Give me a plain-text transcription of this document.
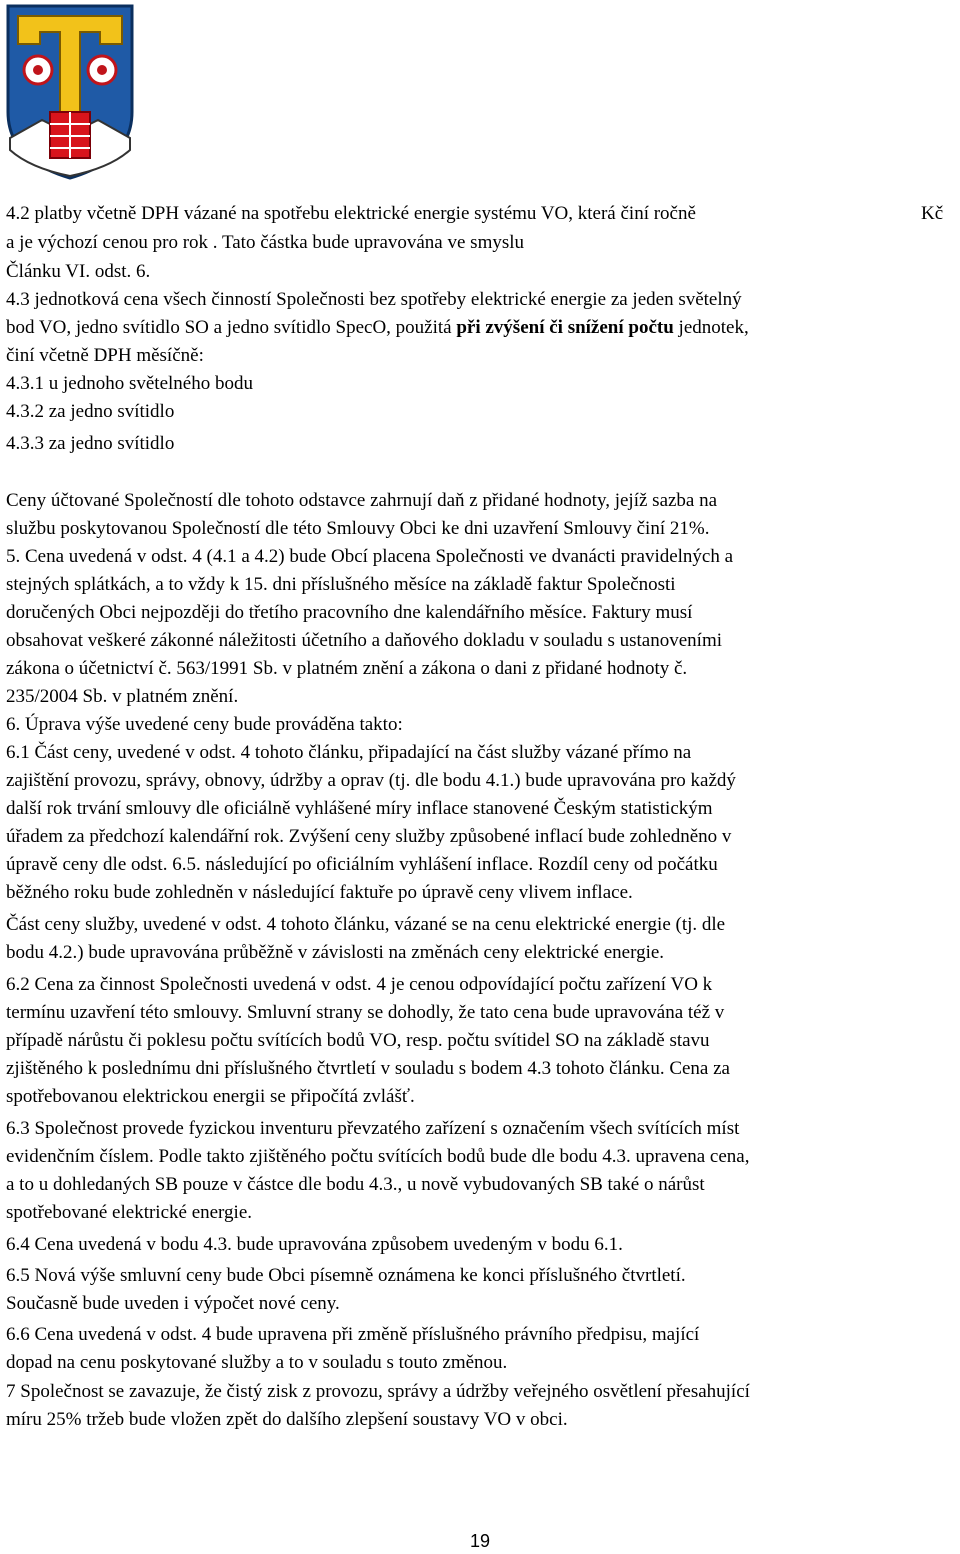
4.2 platby včetně DPH vázané na spotřebu elektrické energie systému VO, která činí ročně	Kč

a je výchozí cenou pro rok . Tato částka bude upravována ve smyslu

Článku VI. odst. 6.

4.3 jednotková cena všech činností Společnosti bez spotřeby elektrické energie za jeden světelný

bod VO, jedno svítidlo SO a jedno svítidlo SpecO, použitá při zvýšení či snížení počtu jednotek,

činí včetně DPH měsíčně:

4.3.1 u jednoho světelného bodu

4.3.2 za jedno svítidlo

4.3.3 za jedno svítidlo

Ceny účtované Společností dle tohoto odstavce zahrnují daň z přidané hodnoty, jejíž sazba na

službu poskytovanou Společností dle této Smlouvy Obci ke dni uzavření Smlouvy činí 21%.

5. Cena uvedená v odst. 4 (4.1 a 4.2) bude Obcí placena Společnosti ve dvanácti pravidelných a

stejných splátkách, a to vždy k 15. dni příslušného měsíce na základě faktur Společnosti

doručených Obci nejpozději do třetího pracovního dne kalendářního měsíce. Faktury musí

obsahovat veškeré zákonné náležitosti účetního a daňového dokladu v souladu s ustanoveními

zákona o účetnictví č. 563/1991 Sb. v platném znění a zákona o dani z přidané hodnoty č.

235/2004 Sb. v platném znění.

6. Úprava výše uvedené ceny bude prováděna takto:

6.1 Část ceny, uvedené v odst. 4 tohoto článku, připadající na část služby vázané přímo na

zajištění provozu, správy, obnovy, údržby a oprav (tj. dle bodu 4.1.) bude upravována pro každý

další rok trvání smlouvy dle oficiálně vyhlášené míry inflace stanovené Českým statistickým

úřadem za předchozí kalendářní rok. Zvýšení ceny služby způsobené inflací bude zohledněno v

úpravě ceny dle odst. 6.5. následující po oficiálním vyhlášení inflace. Rozdíl ceny od počátku

běžného roku bude zohledněn v následující faktuře po úpravě ceny vlivem inflace.

Část ceny služby, uvedené v odst. 4 tohoto článku, vázané se na cenu elektrické energie (tj. dle

bodu 4.2.) bude upravována průběžně v závislosti na změnách ceny elektrické energie.

6.2 Cena za činnost Společnosti uvedená v odst. 4 je cenou odpovídající počtu zařízení VO k

termínu uzavření této smlouvy. Smluvní strany se dohodly, že tato cena bude upravována též v

případě nárůstu či poklesu počtu svítících bodů VO, resp. počtu svítidel SO na základě stavu

zjištěného k poslednímu dni příslušného čtvrtletí v souladu s bodem 4.3 tohoto článku. Cena za

spotřebovanou elektrickou energii se připočítá zvlášť.

6.3 Společnost provede fyzickou inventuru převzatého zařízení s označením všech svítících míst

evidenčním číslem. Podle takto zjištěného počtu svítících bodů bude dle bodu 4.3. upravena cena,

a to u dohledaných SB pouze v částce dle bodu 4.3., u nově vybudovaných SB také o nárůst

spotřebované elektrické energie.

6.4 Cena uvedená v bodu 4.3. bude upravována způsobem uvedeným v bodu 6.1.

6.5 Nová výše smluvní ceny bude Obci písemně oznámena ke konci příslušného čtvrtletí.

Současně bude uveden i výpočet nové ceny.

6.6 Cena uvedená v odst. 4 bude upravena při změně příslušného právního předpisu, mající

dopad na cenu poskytované služby a to v souladu s touto změnou.

7 Společnost se zavazuje, že čistý zisk z provozu, správy a údržby veřejného osvětlení přesahující

míru 25% tržeb bude vložen zpět do dalšího zlepšení soustavy VO v obci.

19
